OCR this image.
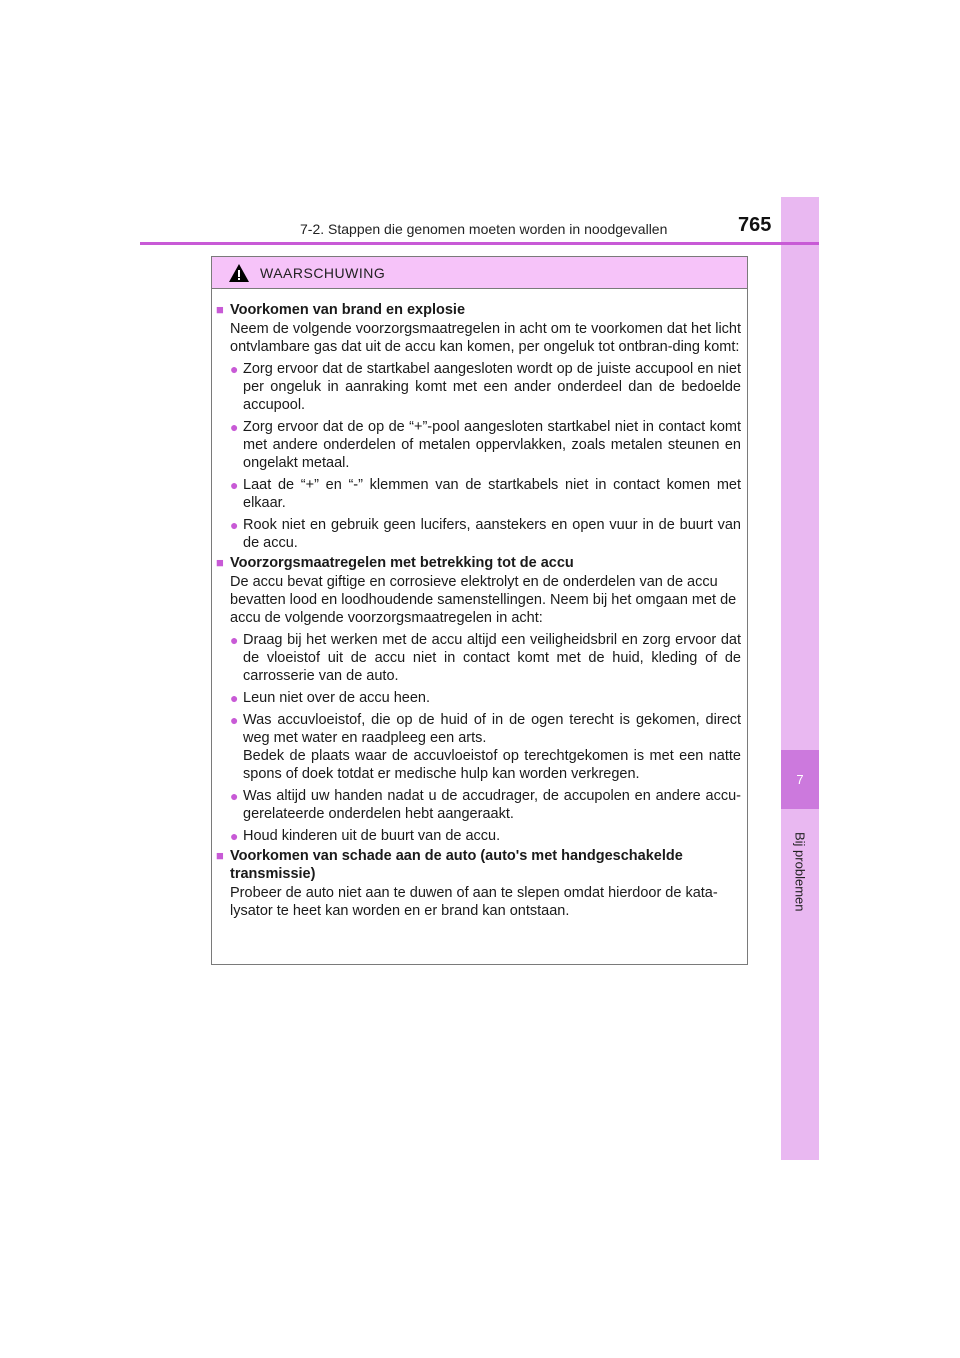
7
Bij problemen
7-2. Stappen die genomen moeten worden in noodgevallen	765
WAARSCHUWING
■ Voorkomen van brand en explosie
Neem de volgende voorzorgsmaatregelen in acht om te voorkomen dat het licht ontvlambare gas dat uit de accu kan komen, per ongeluk tot ontbran-ding komt:
● Zorg ervoor dat de startkabel aangesloten wordt op de juiste accupool en niet per ongeluk in aanraking komt met een ander onderdeel dan de bedoelde accupool.
● Zorg ervoor dat de op de “+”-pool aangesloten startkabel niet in contact komt met andere onderdelen of metalen oppervlakken, zoals metalen steunen en ongelakt metaal.
● Laat de “+” en “-” klemmen van de startkabels niet in contact komen met elkaar.
● Rook niet en gebruik geen lucifers, aanstekers en open vuur in de buurt van de accu.
■ Voorzorgsmaatregelen met betrekking tot de accu
De accu bevat giftige en corrosieve elektrolyt en de onderdelen van de accu bevatten lood en loodhoudende samenstellingen. Neem bij het omgaan met de accu de volgende voorzorgsmaatregelen in acht:
● Draag bij het werken met de accu altijd een veiligheidsbril en zorg ervoor dat de vloeistof uit de accu niet in contact komt met de huid, kleding of de carrosserie van de auto.
● Leun niet over de accu heen.
● Was accuvloeistof, die op de huid of in de ogen terecht is gekomen, direct weg met water en raadpleeg een arts.
Bedek de plaats waar de accuvloeistof op terechtgekomen is met een natte spons of doek totdat er medische hulp kan worden verkregen.
● Was altijd uw handen nadat u de accudrager, de accupolen en andere accu-gerelateerde onderdelen hebt aangeraakt.
● Houd kinderen uit de buurt van de accu.
■ Voorkomen van schade aan de auto (auto's met handgeschakelde transmissie)
Probeer de auto niet aan te duwen of aan te slepen omdat hierdoor de kata-lysator te heet kan worden en er brand kan ontstaan.
